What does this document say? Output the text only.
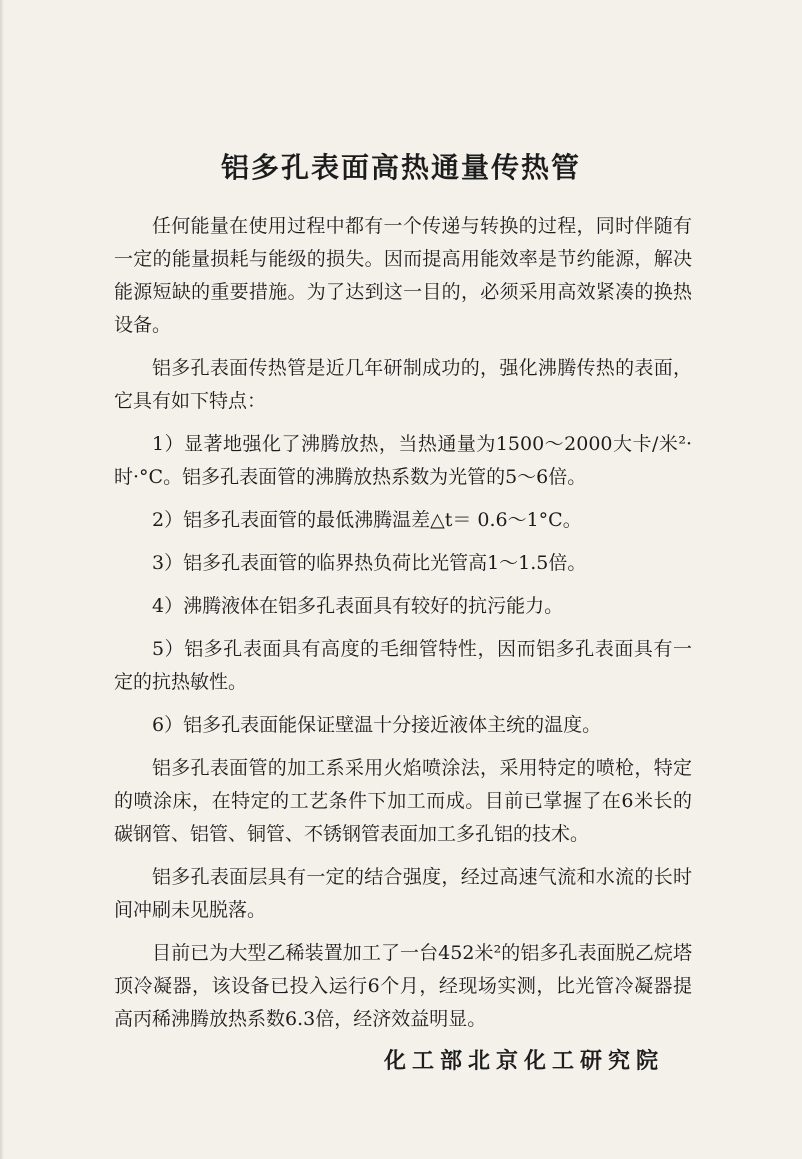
铝多孔表面高热通量传热管

任何能量在使用过程中都有一个传递与转换的过程，同时伴随有一定的能量损耗与能级的损失。因而提高用能效率是节约能源，解决能源短缺的重要措施。为了达到这一目的，必须采用高效紧凑的换热设备。

铝多孔表面传热管是近几年研制成功的，强化沸腾传热的表面，它具有如下特点：

1）显著地强化了沸腾放热，当热通量为1500～2000大卡/米²·时·°C。铝多孔表面管的沸腾放热系数为光管的5～6倍。

2）铝多孔表面管的最低沸腾温差△t＝ 0.6～1°C。

3）铝多孔表面管的临界热负荷比光管高1～1.5倍。

4）沸腾液体在铝多孔表面具有较好的抗污能力。

5）铝多孔表面具有高度的毛细管特性，因而铝多孔表面具有一定的抗热敏性。

6）铝多孔表面能保证壁温十分接近液体主统的温度。

铝多孔表面管的加工系采用火焰喷涂法，采用特定的喷枪，特定的喷涂床，在特定的工艺条件下加工而成。目前已掌握了在6米长的碳钢管、铝管、铜管、不锈钢管表面加工多孔铝的技术。

铝多孔表面层具有一定的结合强度，经过高速气流和水流的长时间冲刷未见脱落。

目前已为大型乙稀装置加工了一台452米²的铝多孔表面脱乙烷塔顶冷凝器，该设备已投入运行6个月，经现场实测，比光管冷凝器提高丙稀沸腾放热系数6.3倍，经济效益明显。

化工部北京化工研究院
